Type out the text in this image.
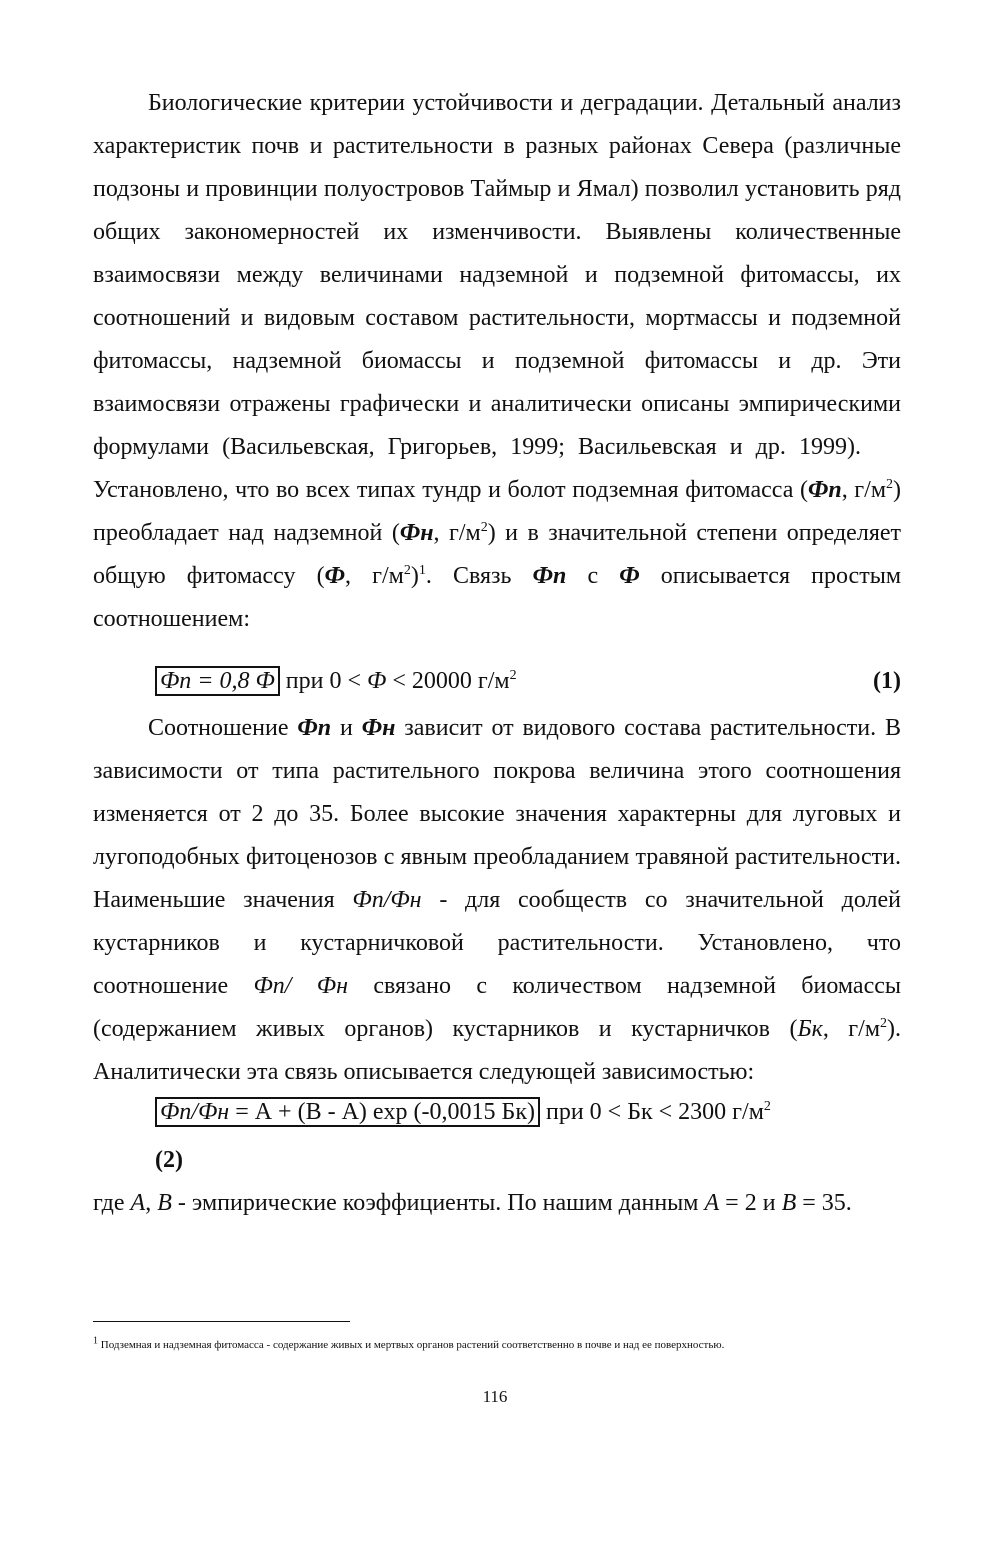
Биологические критерии устойчивости и деградации. Детальный анализ характеристик почв и растительности в разных районах Севера (различные подзоны и провинции полуостровов Таймыр и Ямал) позволил установить ряд общих закономерностей их изменчивости. Выявлены количественные взаимосвязи между величинами надземной и подземной фитомассы, их соотношений и видовым составом растительности, мортмассы и подземной фитомассы, надземной биомассы и подземной фитомассы и др. Эти взаимосвязи отражены графически и аналитически описаны эмпирическими формулами (Васильевская, Григорьев, 1999; Васильевская и др. 1999).Установлено, что во всех типах тундр и болот подземная фитомасса (Фп, $г/м^2$) преобладает над надземной (Фн, $г/м^2$) и в значительной степени определяет общую фитомассу (Ф, $г/м^2)^1$. Связь Фп с Ф описывается простым соотношением:
Фп = 0,8 Ф при 0 < Ф < 20000 $г/м^2$	(1)
Соотношение Фп и Фн зависит от видового состава растительности. В зависимости от типа растительного покрова величина этого соотношения изменяется от 2 до 35. Более высокие значения характерны для луговых и лугоподобных фитоценозов с явным преобладанием травяной растительности. Наименьшие значения Фп/Фн - для сообществ со значительной долей кустарников и кустарничковой растительности. Установлено, что соотношение Фп/ Фн связано с количеством надземной биомассы (содержанием живых органов) кустарников и кустарничков (Бк, $г/м^2$). Аналитически эта связь описывается следующей зависимостью:
Фп/Фн = А + (В - А) exp (-0,0015 Бк) при 0 < Бк < 2300 $г/м^2$
(2)
где А, В - эмпирические коэффициенты. По нашим данным А = 2 и В = 35.
$^1$ Подземная и надземная фитомасса - содержание живых и мертвых органов растений соответственно в почве и над ее поверхностью.
116
